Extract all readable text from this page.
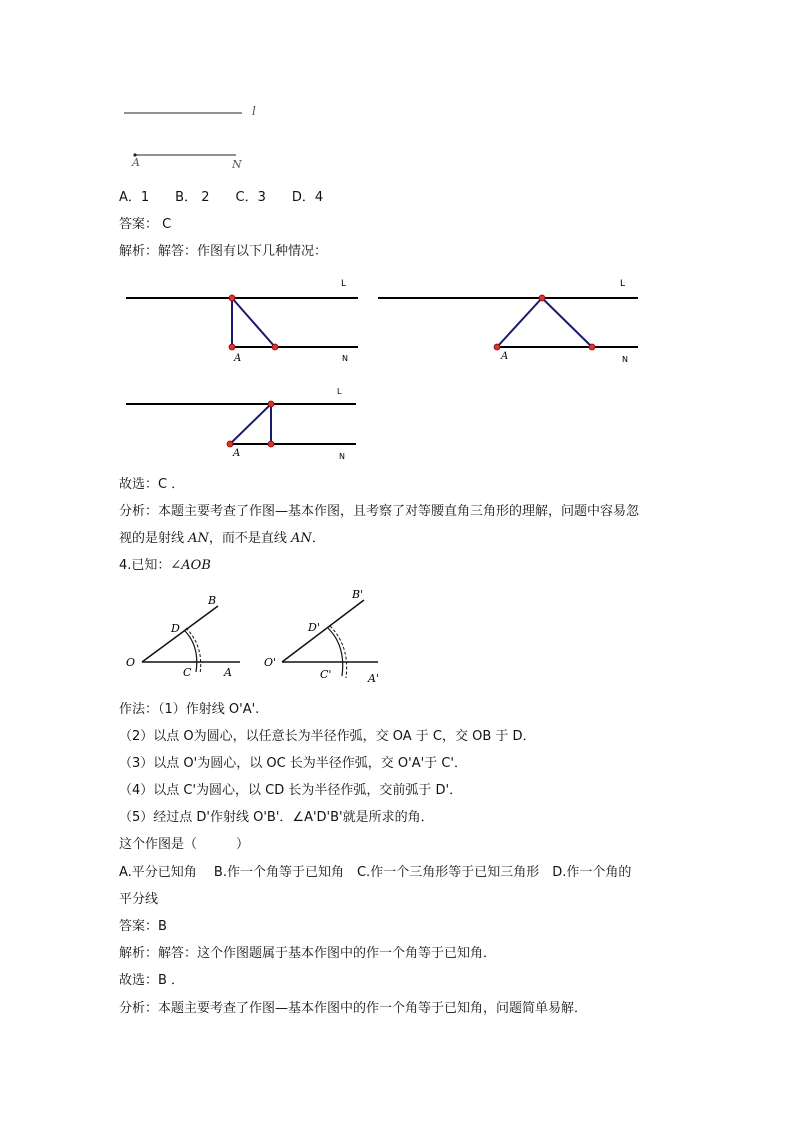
l
A	N
A．1　　B． 2　　C．3　　D．4
答案： C
解析：解答：作图有以下几种情况：
L
A	N
L
A	N
L
A	N
故选：C ．
分析：本题主要考查了作图—基本作图，且考察了对等腰直角三角形的理解，问题中容易忽
视的是射线 AN，而不是直线 AN．
4.已知：∠AOB
B
D
O
C	A
B'
D'
O'
C'	A'
作法：（1）作射线 O'A'.
（2）以点 O为圆心，以任意长为半径作弧，交 OA 于 C，交 OB 于 D．
（3）以点 O'为圆心，以 OC 长为半径作弧，交 O'A'于 C'．
（4）以点 C'为圆心，以 CD 长为半径作弧，交前弧于 D'．
（5）经过点 D'作射线 O'B'．∠A'D'B'就是所求的角．
这个作图是（　　　）
A.平分已知角　 B.作一个角等于已知角　C.作一个三角形等于已知三角形　D.作一个角的
平分线
答案：B
解析：解答：这个作图题属于基本作图中的作一个角等于已知角．
故选：B ．
分析：本题主要考查了作图—基本作图中的作一个角等于已知角，问题简单易解．
